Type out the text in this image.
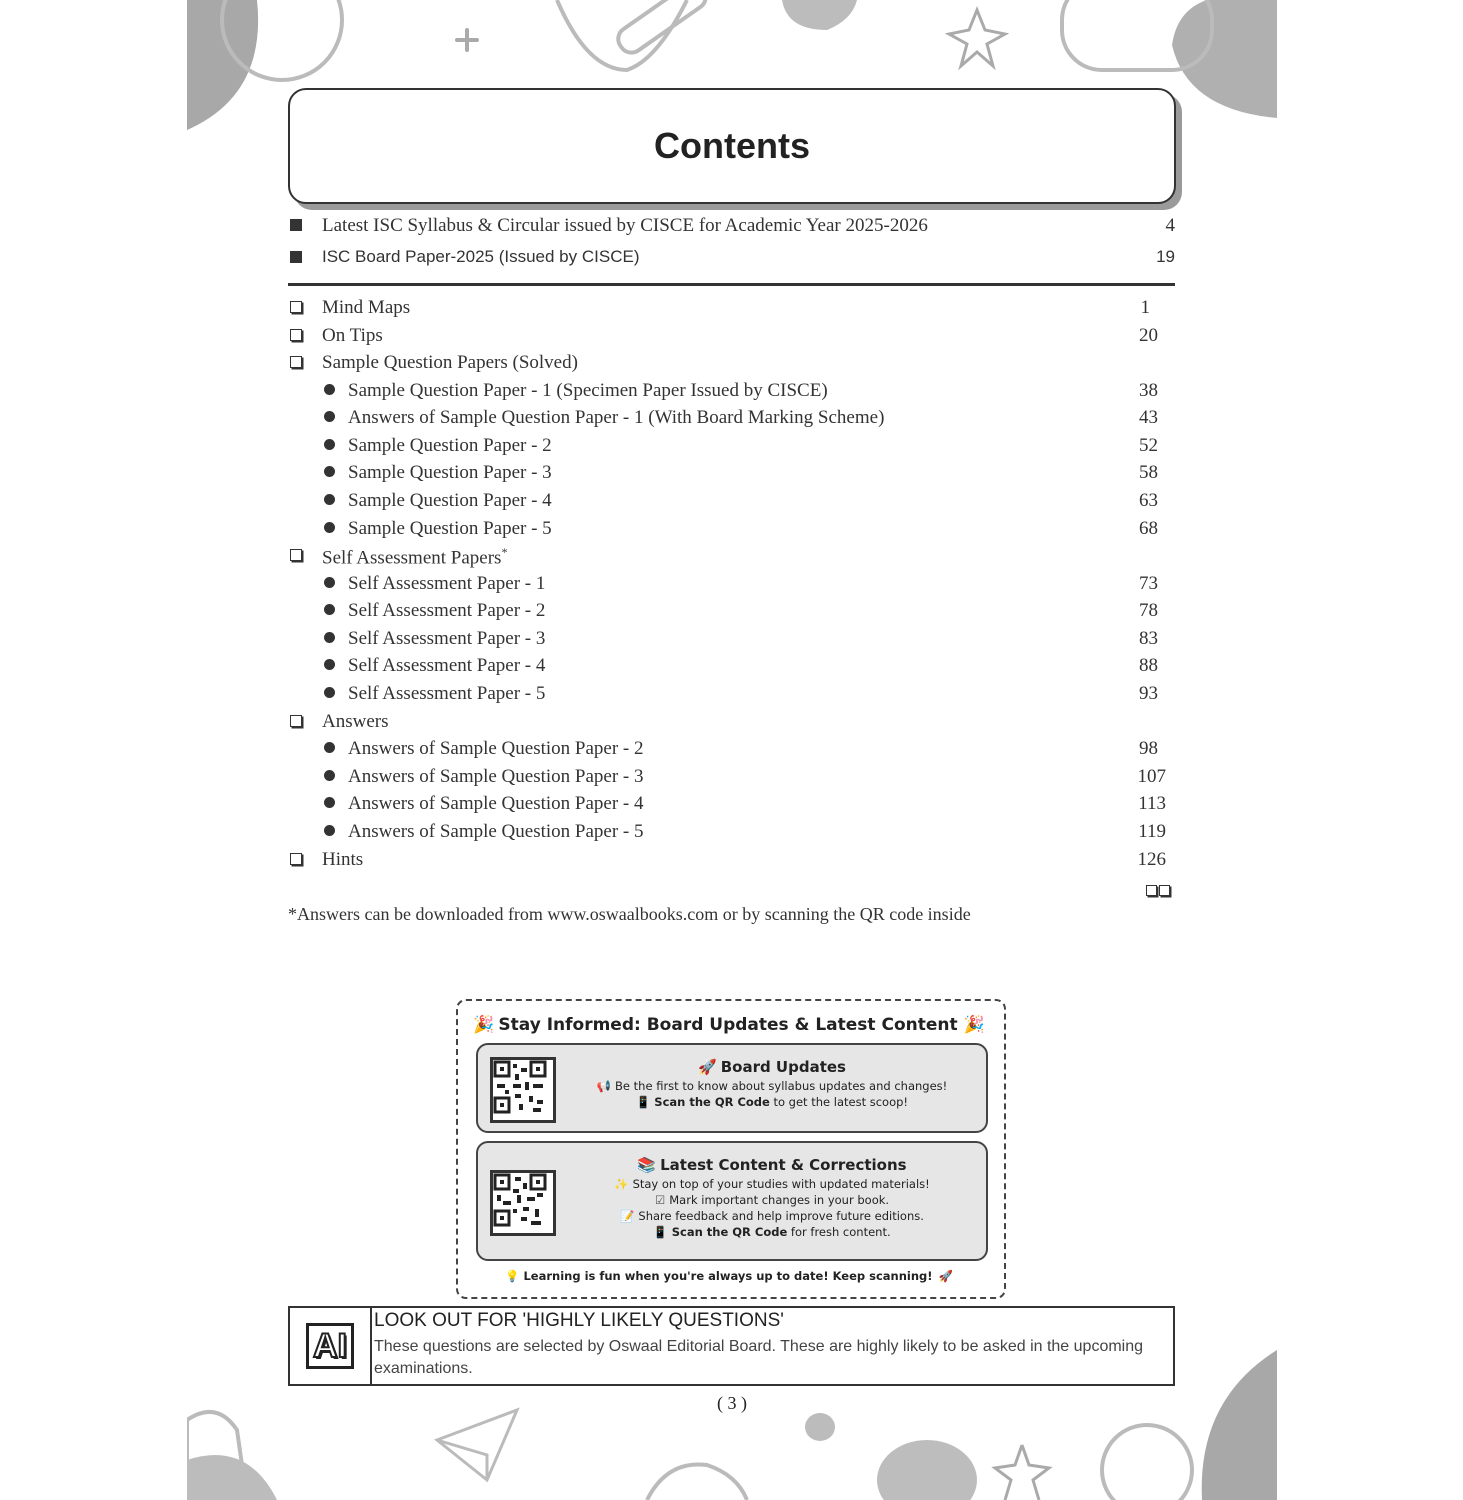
Contents
Latest ISC Syllabus & Circular issued by CISCE for Academic Year 2025-2026	4
ISC Board Paper-2025 (Issued by CISCE)	19
Mind Maps	1
On Tips	20
Sample Question Papers (Solved)
Sample Question Paper - 1 (Specimen Paper Issued by CISCE)	38
Answers of Sample Question Paper - 1 (With Board Marking Scheme)	43
Sample Question Paper - 2	52
Sample Question Paper - 3	58
Sample Question Paper - 4	63
Sample Question Paper - 5	68
Self Assessment Papers*
Self Assessment Paper - 1	73
Self Assessment Paper - 2	78
Self Assessment Paper - 3	83
Self Assessment Paper - 4	88
Self Assessment Paper - 5	93
Answers
Answers of Sample Question Paper - 2	98
Answers of Sample Question Paper - 3	107
Answers of Sample Question Paper - 4	113
Answers of Sample Question Paper - 5	119
Hints	126
*Answers can be downloaded from www.oswaalbooks.com or by scanning the QR code inside
🎉 Stay Informed: Board Updates & Latest Content 🎉
🚀 Board Updates
📢 Be the first to know about syllabus updates and changes!
📱 Scan the QR Code to get the latest scoop!
📚 Latest Content & Corrections
✨ Stay on top of your studies with updated materials!
☑ Mark important changes in your book.
📝 Share feedback and help improve future editions.
📱 Scan the QR Code for fresh content.
💡 Learning is fun when you're always up to date! Keep scanning! 🚀
AI
LOOK OUT FOR 'HIGHLY LIKELY QUESTIONS'
These questions are selected by Oswaal Editorial Board. These are highly likely to be asked in the upcoming examinations.
( 3 )
